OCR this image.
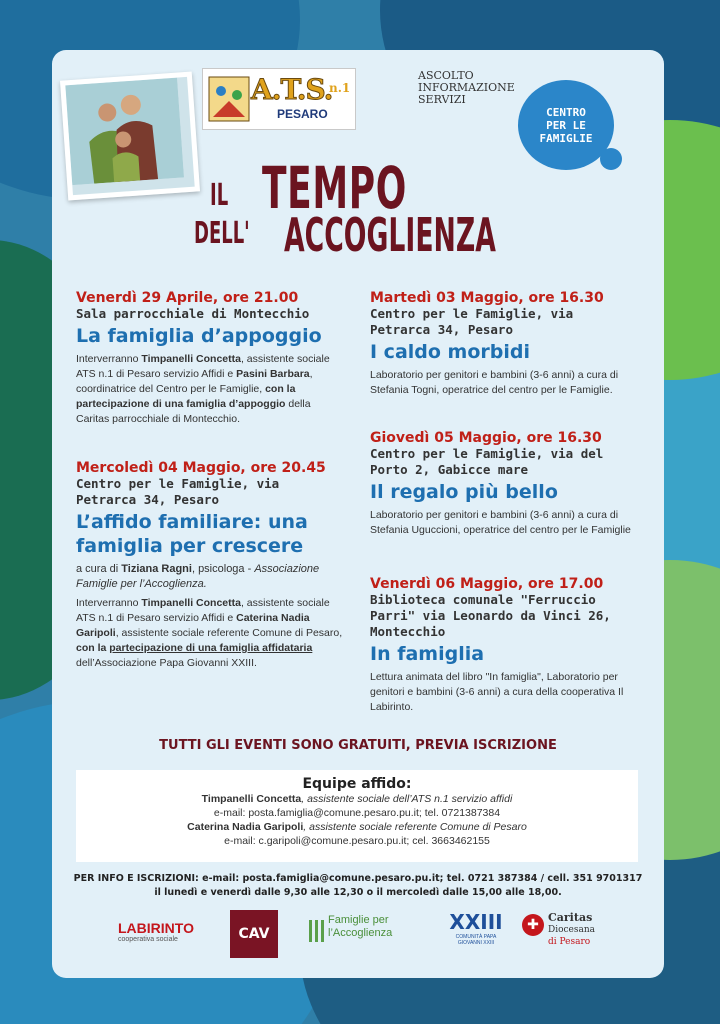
A.T.S.
n.1
PESARO
ASCOLTO
INFORMAZIONE
SERVIZI
CENTRO
PER LE
FAMIGLIE
IL TEMPO
DELL' ACCOGLIENZA
Venerdì 29 Aprile, ore 21.00
Sala parrocchiale di Montecchio
La famiglia d’appoggio
Interverranno Timpanelli Concetta, assistente sociale ATS n.1 di Pesaro servizio Affidi e Pasini Barbara, coordinatrice del Centro per le Famiglie, con la partecipazione di una famiglia d’appoggio della Caritas parrocchiale di Montecchio.
Mercoledì 04 Maggio, ore 20.45
Centro per le Famiglie, via Petrarca 34, Pesaro
L’affido familiare: una famiglia per crescere
a cura di Tiziana Ragni, psicologa - Associazione Famiglie per l’Accoglienza.
Interverranno Timpanelli Concetta, assistente sociale ATS n.1 di Pesaro servizio Affidi e Caterina Nadia Garipoli, assistente sociale referente Comune di Pesaro, con la partecipazione di una famiglia affidataria dell’Associazione Papa Giovanni XXIII.
Martedì 03 Maggio, ore 16.30
Centro per le Famiglie, via Petrarca 34, Pesaro
I caldo morbidi
Laboratorio per genitori e bambini (3-6 anni) a cura di Stefania Togni, operatrice del centro per le Famiglie.
Giovedì 05 Maggio, ore 16.30
Centro per le Famiglie, via del Porto 2, Gabicce mare
Il regalo più bello
Laboratorio per genitori e bambini (3-6 anni) a cura di Stefania Uguccioni, operatrice del centro per le Famiglie
Venerdì 06 Maggio, ore 17.00
Biblioteca comunale "Ferruccio Parri" via Leonardo da Vinci 26, Montecchio
In famiglia
Lettura animata del libro "In famiglia", Laboratorio per genitori e bambini (3-6 anni) a cura della cooperativa Il Labirinto.
TUTTI GLI EVENTI SONO GRATUITI, PREVIA ISCRIZIONE
Equipe affido:
Timpanelli Concetta, assistente sociale dell’ATS n.1 servizio affidi
e-mail: posta.famiglia@comune.pesaro.pu.it; tel. 0721387384
Caterina Nadia Garipoli, assistente sociale referente Comune di Pesaro
e-mail: c.garipoli@comune.pesaro.pu.it; cel. 3663462155
PER INFO E ISCRIZIONI: e-mail: posta.famiglia@comune.pesaro.pu.it; tel. 0721 387384 / cell. 351 9701317
il lunedì e venerdì dalle 9,30 alle 12,30 o il mercoledì dalle 15,00 alle 18,00.
LABIRINTO
cooperativa sociale	CAV
Famiglie per l’Accoglienza	XXIII
COMUNITÀ PAPA GIOVANNI XXIII
✚ Caritas
Diocesana
di Pesaro
